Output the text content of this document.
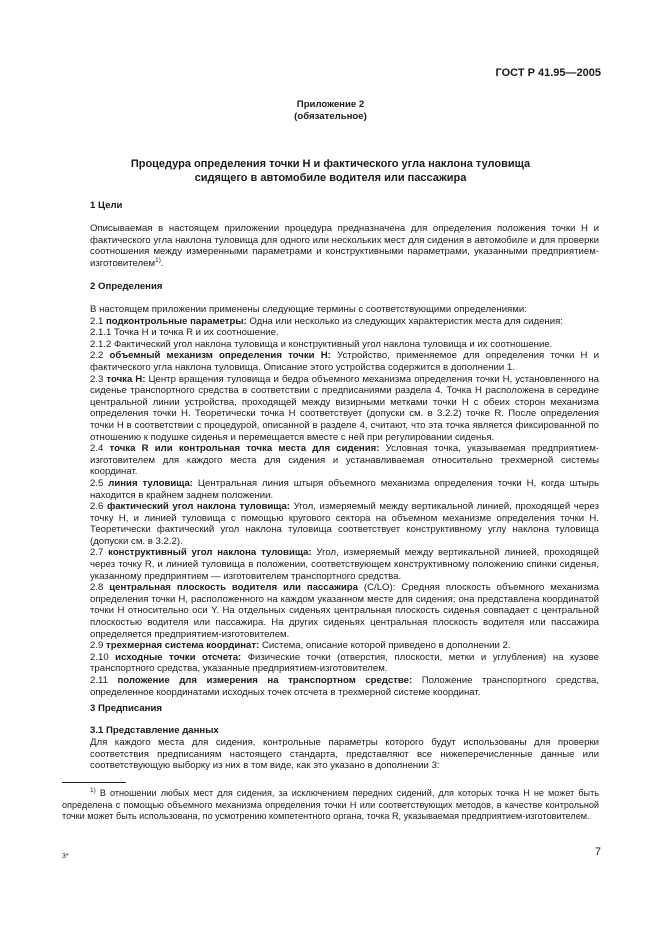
ГОСТ Р 41.95—2005
Приложение 2
(обязательное)
Процедура определения точки H и фактического угла наклона туловища
сидящего в автомобиле водителя или пассажира
1 Цели

Описываемая в настоящем приложении процедура предназначена для определения положения точки H и фактического угла наклона туловища для одного или нескольких мест для сидения в автомобиле и для проверки соотношения между измеренными параметрами и конструктивными параметрами, указанными предприятием-изготовителем$^{1)}$.

2 Определения

В настоящем приложении применены следующие термины с соответствующими определениями:

2.1 подконтрольные параметры: Одна или несколько из следующих характеристик места для сидения:

2.1.1 Точка H и точка R и их соотношение.

2.1.2 Фактический угол наклона туловища и конструктивный угол наклона туловища и их соотношение.

2.2 объемный механизм определения точки H: Устройство, применяемое для определения точки H и фактического угла наклона туловища. Описание этого устройства содержится в дополнении 1.

2.3 точка H: Центр вращения туловища и бедра объемного механизма определения точки H, установленного на сиденье транспортного средства в соответствии с предписаниями раздела 4. Точка H расположена в середине центральной линии устройства, проходящей между визирными метками точки H с обеих сторон механизма определения точки H. Теоретически точка H соответствует (допуски см. в 3.2.2) точке R. После определения точки H в соответствии с процедурой, описанной в разделе 4, считают, что эта точка является фиксированной по отношению к подушке сиденья и перемещается вместе с ней при регулировании сиденья.

2.4 точка R или контрольная точка места для сидения: Условная точка, указываемая предприятием-изготовителем для каждого места для сидения и устанавливаемая относительно трехмерной системы координат.

2.5 линия туловища: Центральная линия штыря объемного механизма определения точки H, когда штырь находится в крайнем заднем положении.

2.6 фактический угол наклона туловища: Угол, измеряемый между вертикальной линией, проходящей через точку H, и линией туловища с помощью кругового сектора на объемном механизме определения точки H. Теоретически фактический угол наклона туловища соответствует конструктивному углу наклона туловища (допуски см. в 3.2.2).

2.7 конструктивный угол наклона туловища: Угол, измеряемый между вертикальной линией, проходящей через точку R, и линией туловища в положении, соответствующем конструктивному положению спинки сиденья, указанному предприятием — изготовителем транспортного средства.

2.8 центральная плоскость водителя или пассажира (C/LO): Средняя плоскость объемного механизма определения точки H, расположенного на каждом указанном месте для сидения; она представлена координатой точки H относительно оси Y. На отдельных сиденьях центральная плоскость сиденья совпадает с центральной плоскостью водителя или пассажира. На других сиденьях центральная плоскость водителя или пассажира определяется предприятием-изготовителем.

2.9 трехмерная система координат: Система, описание которой приведено в дополнении 2.

2.10 исходные точки отсчета: Физические точки (отверстия, плоскости, метки и углубления) на кузове транспортного средства, указанные предприятием-изготовителем.

2.11 положение для измерения на транспортном средстве: Положение транспортного средства, определенное координатами исходных точек отсчета в трехмерной системе координат.

3 Предписания
3.1 Представление данных

Для каждого места для сидения, контрольные параметры которого будут использованы для проверки соответствия предписаниям настоящего стандарта, представляют все нижеперечисленные данные или соответствующую выборку из них в том виде, как это указано в дополнении 3:

$^{1)}$ В отношении любых мест для сидения, за исключением передних сидений, для которых точка H не может быть определена с помощью объемного механизма определения точки H или соответствующих методов, в качестве контрольной точки может быть использована, по усмотрению компетентного органа, точка R, указываемая предприятием-изготовителем.
3*	7
